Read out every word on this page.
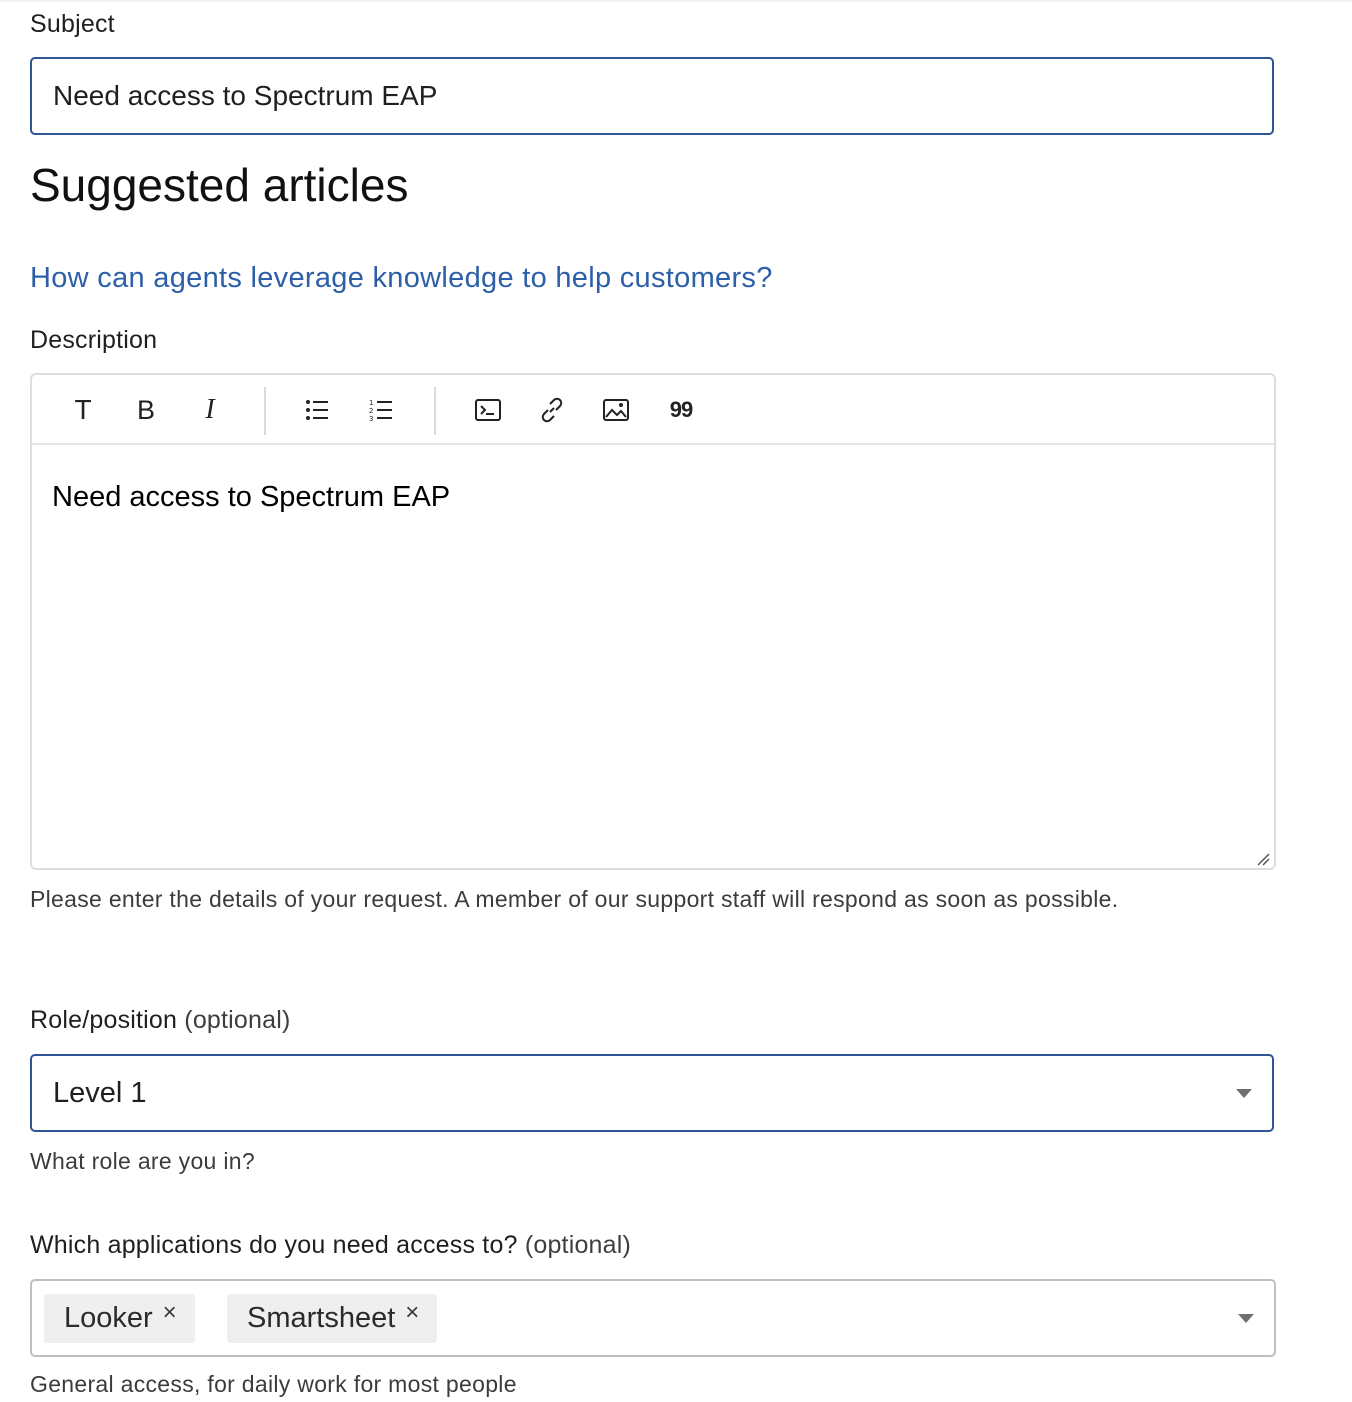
Subject
Need access to Spectrum EAP
Suggested articles
How can agents leverage knowledge to help customers?
Description
T B I	1
2
3	99
Need access to Spectrum EAP
Please enter the details of your request. A member of our support staff will respond as soon as possible.
Role/position (optional)
Level 1
What role are you in?
Which applications do you need access to? (optional)
Looker × Smartsheet ×
General access, for daily work for most people
